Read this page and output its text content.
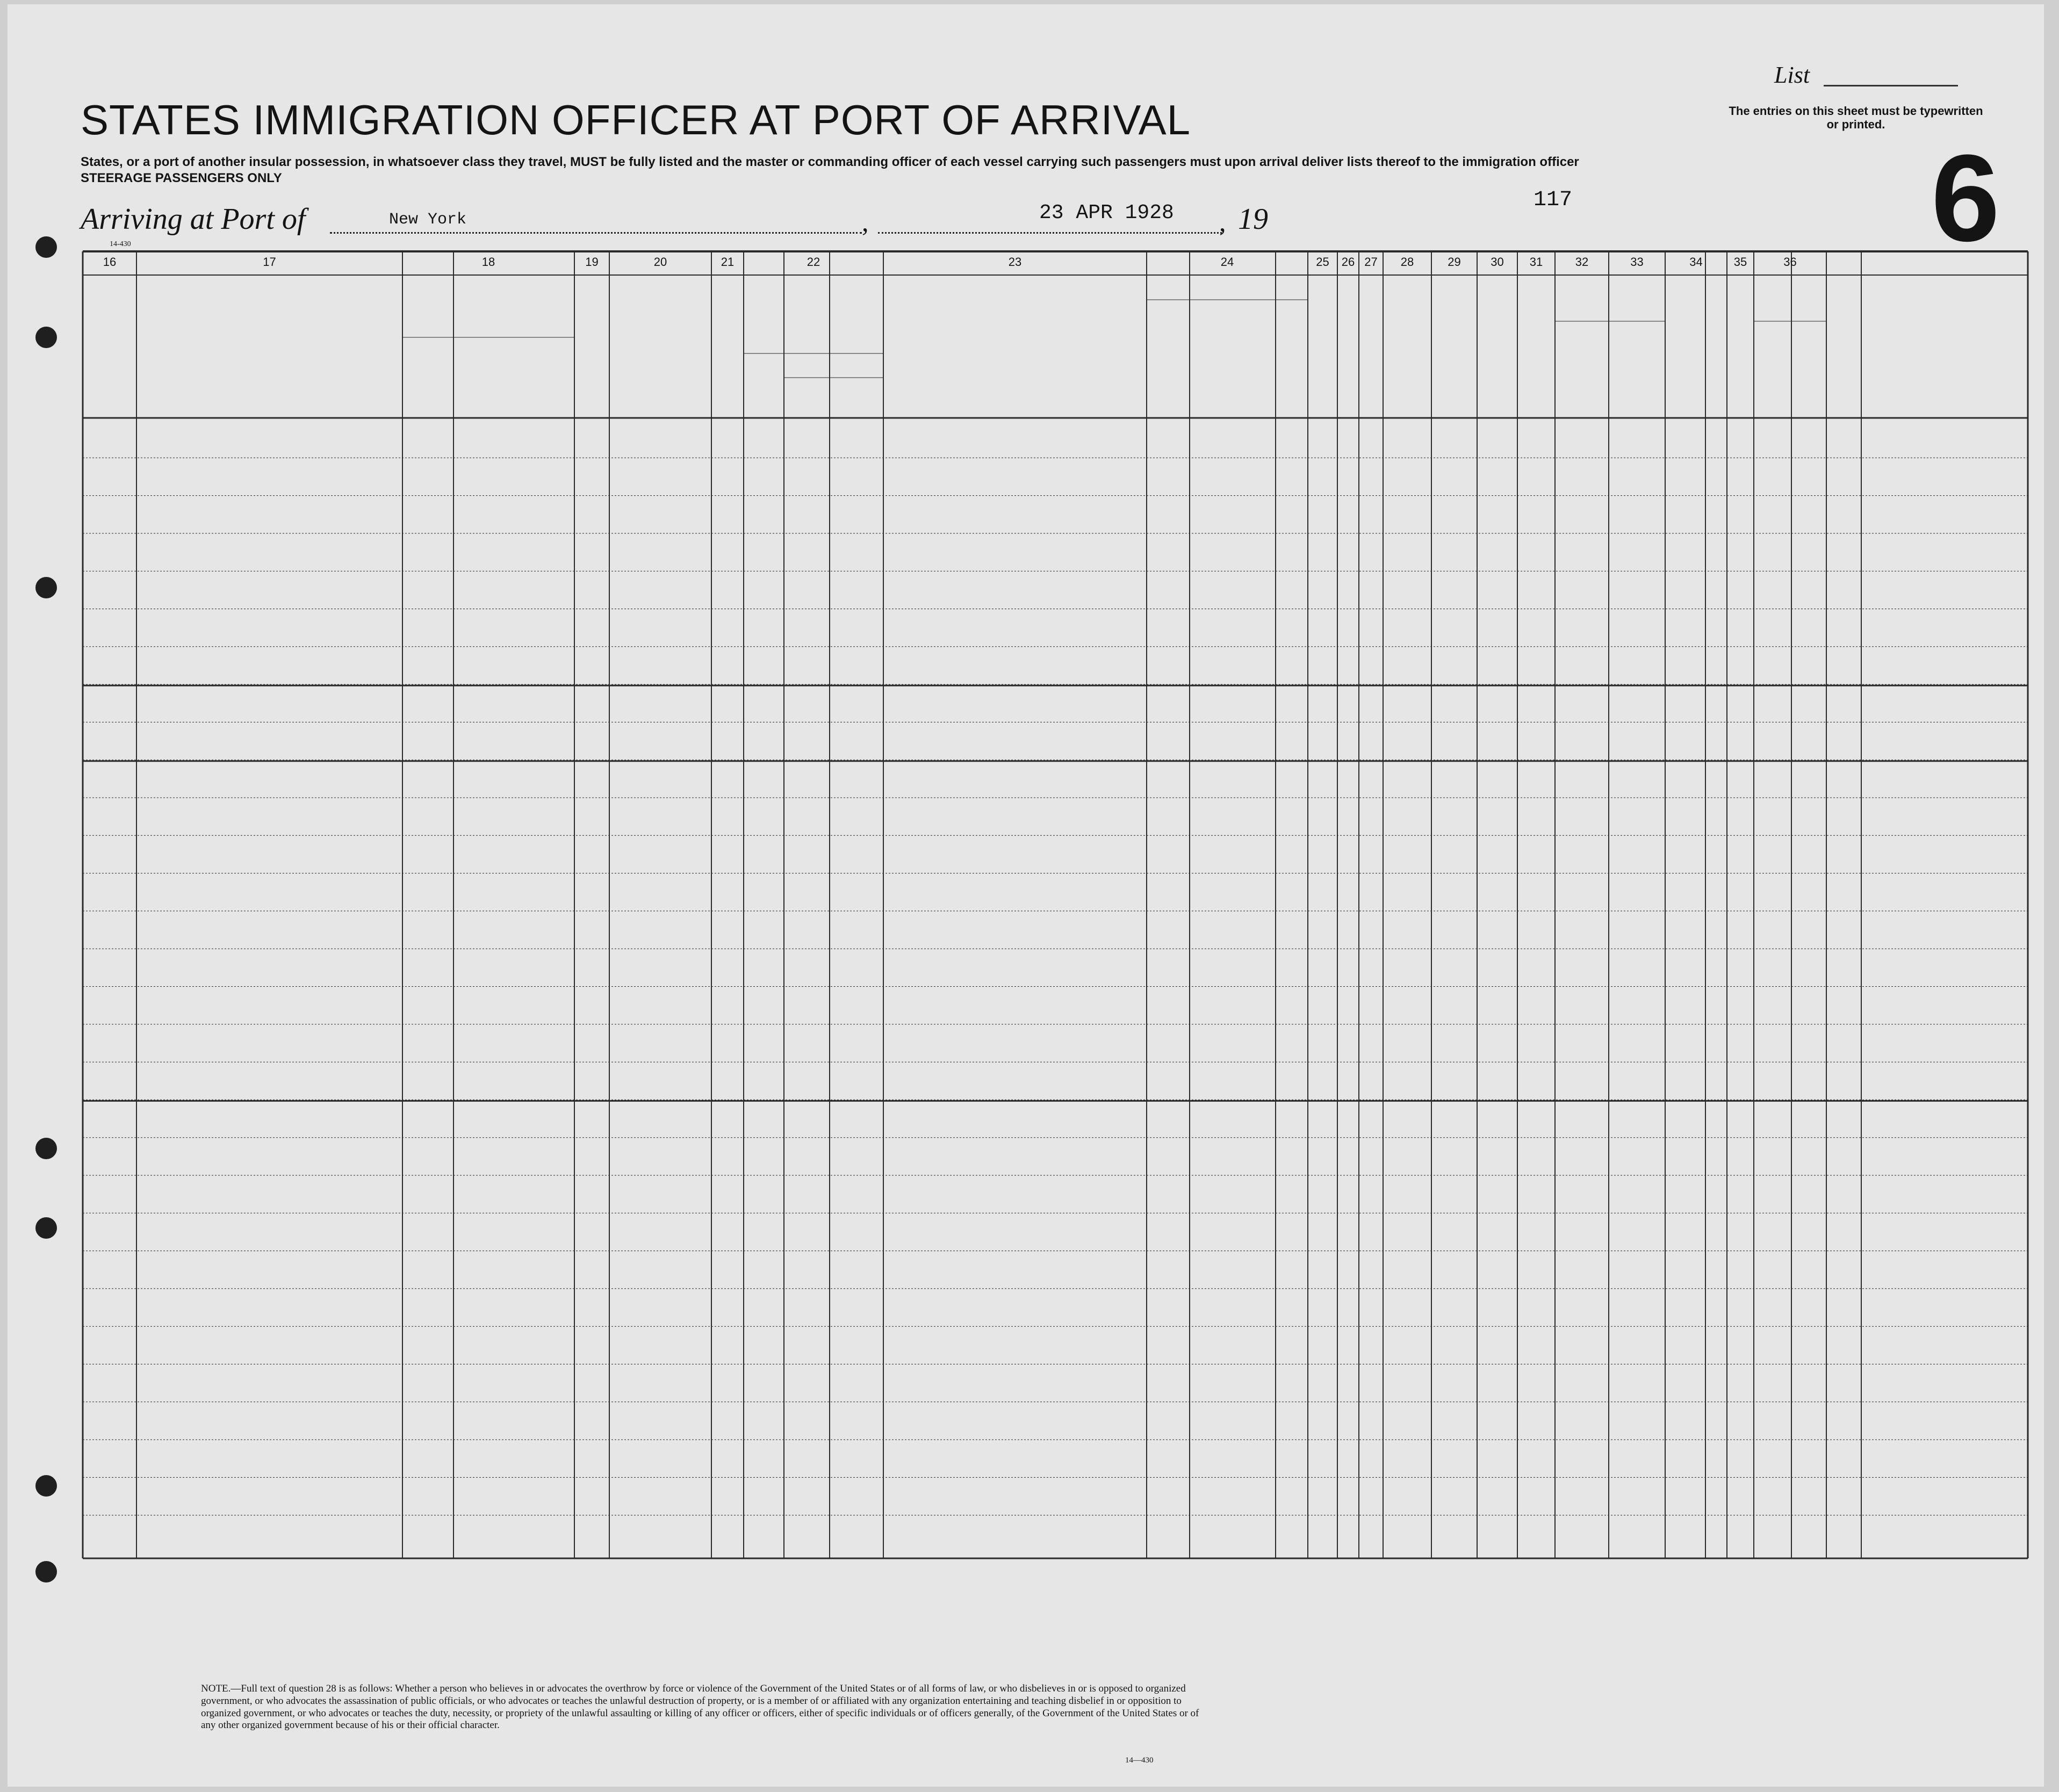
List
The entries on this sheet must be typewritten or printed.
STATES IMMIGRATION OFFICER AT PORT OF ARRIVAL
States, or a port of another insular possession, in whatsoever class they travel, MUST be fully listed and the master or commanding officer of each vessel carrying such passengers must upon arrival deliver lists thereof to the immigration officer
STEERAGE PASSENGERS ONLY
Arriving at Port of	New York	,	23 APR 1928 , 19
117	6
14-430
16	17	18	19	20	21	22	23	24	25	26 27	28	29	30	31	32	33	34	35	36
NOTE.—Full text of question 28 is as follows: Whether a person who believes in or advocates the overthrow by force or violence of the Government of the United States or of all forms of law, or who disbelieves in or is opposed to organized government, or who advocates the assassination of public officials, or who advocates or teaches the unlawful destruction of property, or is a member of or affiliated with any organization entertaining and teaching disbelief in or opposition to organized government, or who advocates or teaches the duty, necessity, or propriety of the unlawful assaulting or killing of any officer or officers, either of specific individuals or of officers generally, of the Government of the United States or of any other organized government because of his or their official character.
14—430
